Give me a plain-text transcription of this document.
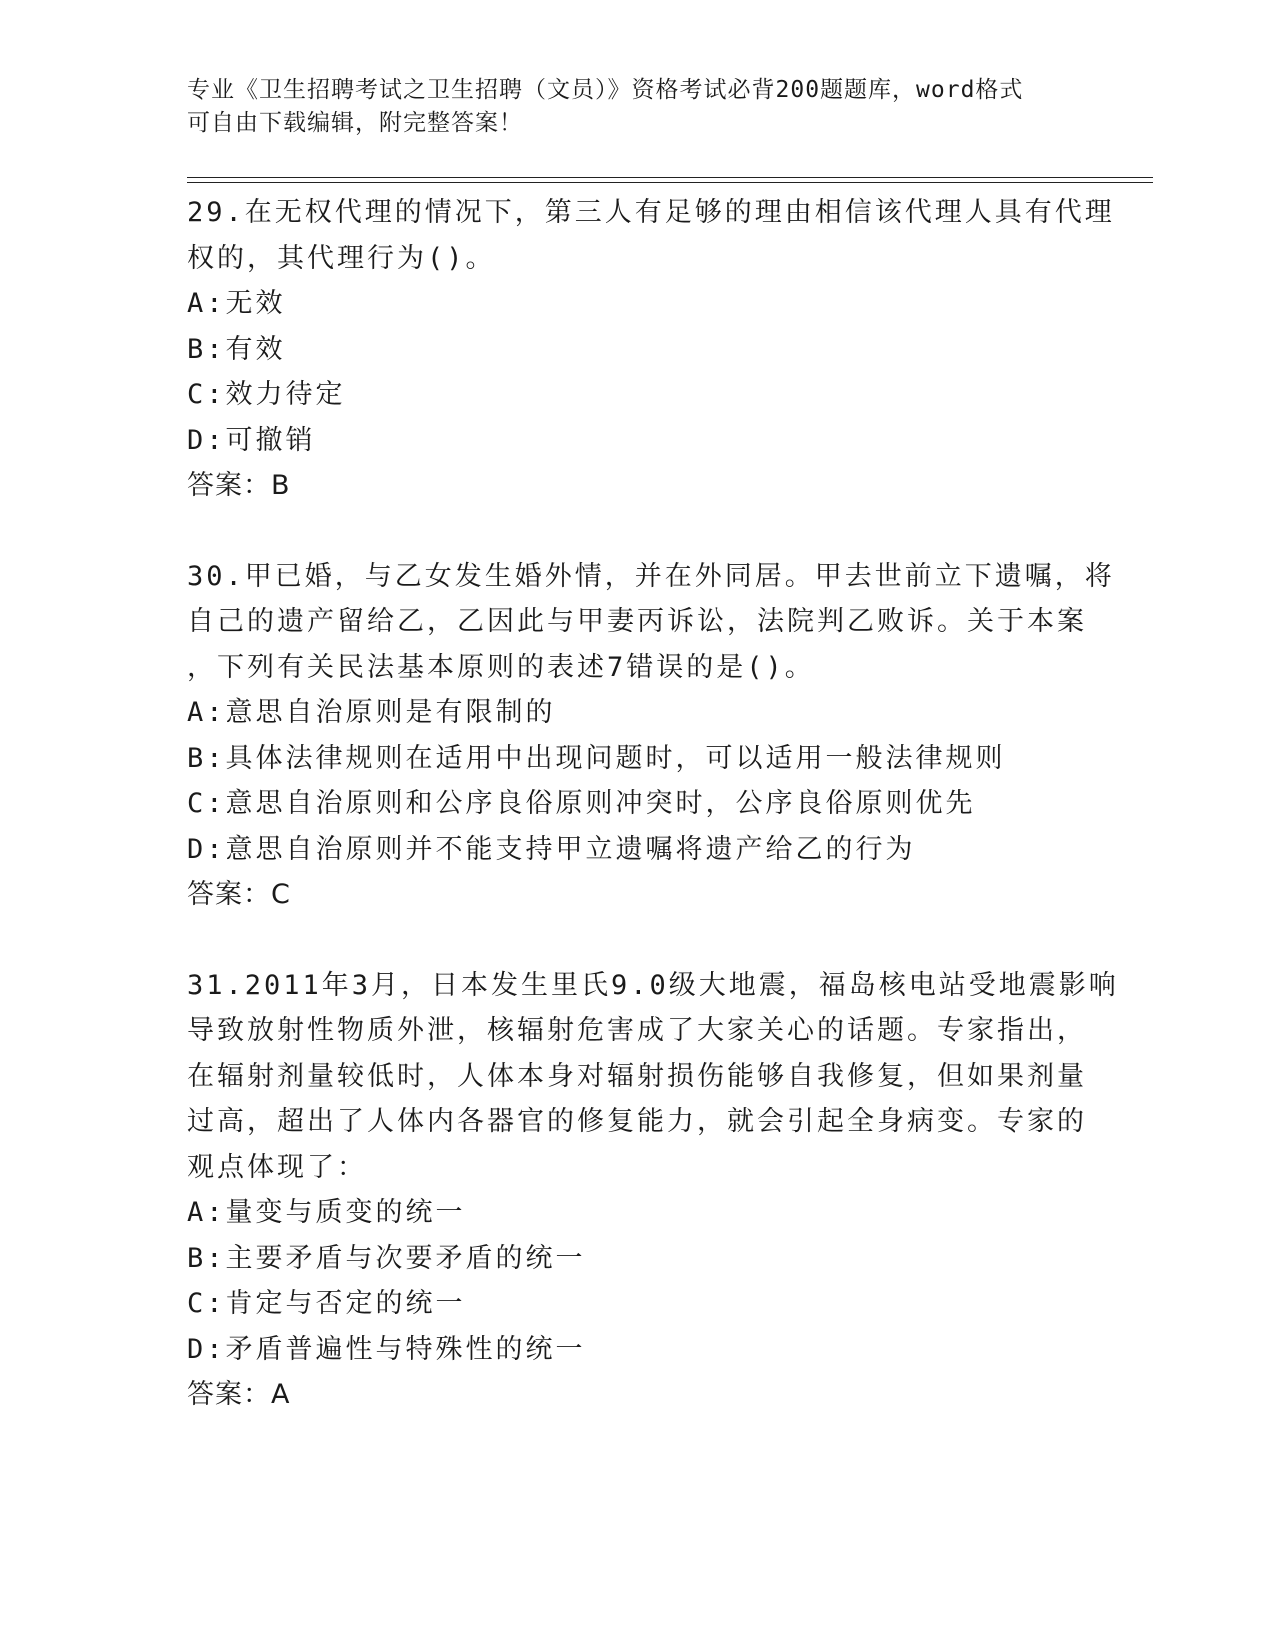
专业《卫生招聘考试之卫生招聘（文员）》资格考试必背200题题库，word格式
可自由下载编辑，附完整答案！
29.在无权代理的情况下，第三人有足够的理由相信该代理人具有代理
权的，其代理行为()。
A:无效
B:有效
C:效力待定
D:可撤销
答案：B
30.甲已婚，与乙女发生婚外情，并在外同居。甲去世前立下遗嘱，将
自己的遗产留给乙，乙因此与甲妻丙诉讼，法院判乙败诉。关于本案
，下列有关民法基本原则的表述7错误的是()。
A:意思自治原则是有限制的
B:具体法律规则在适用中出现问题时，可以适用一般法律规则
C:意思自治原则和公序良俗原则冲突时，公序良俗原则优先
D:意思自治原则并不能支持甲立遗嘱将遗产给乙的行为
答案：C
31.2011年3月，日本发生里氏9.0级大地震，福岛核电站受地震影响
导致放射性物质外泄，核辐射危害成了大家关心的话题。专家指出，
在辐射剂量较低时，人体本身对辐射损伤能够自我修复，但如果剂量
过高，超出了人体内各器官的修复能力，就会引起全身病变。专家的
观点体现了：
A:量变与质变的统一
B:主要矛盾与次要矛盾的统一
C:肯定与否定的统一
D:矛盾普遍性与特殊性的统一
答案：A
